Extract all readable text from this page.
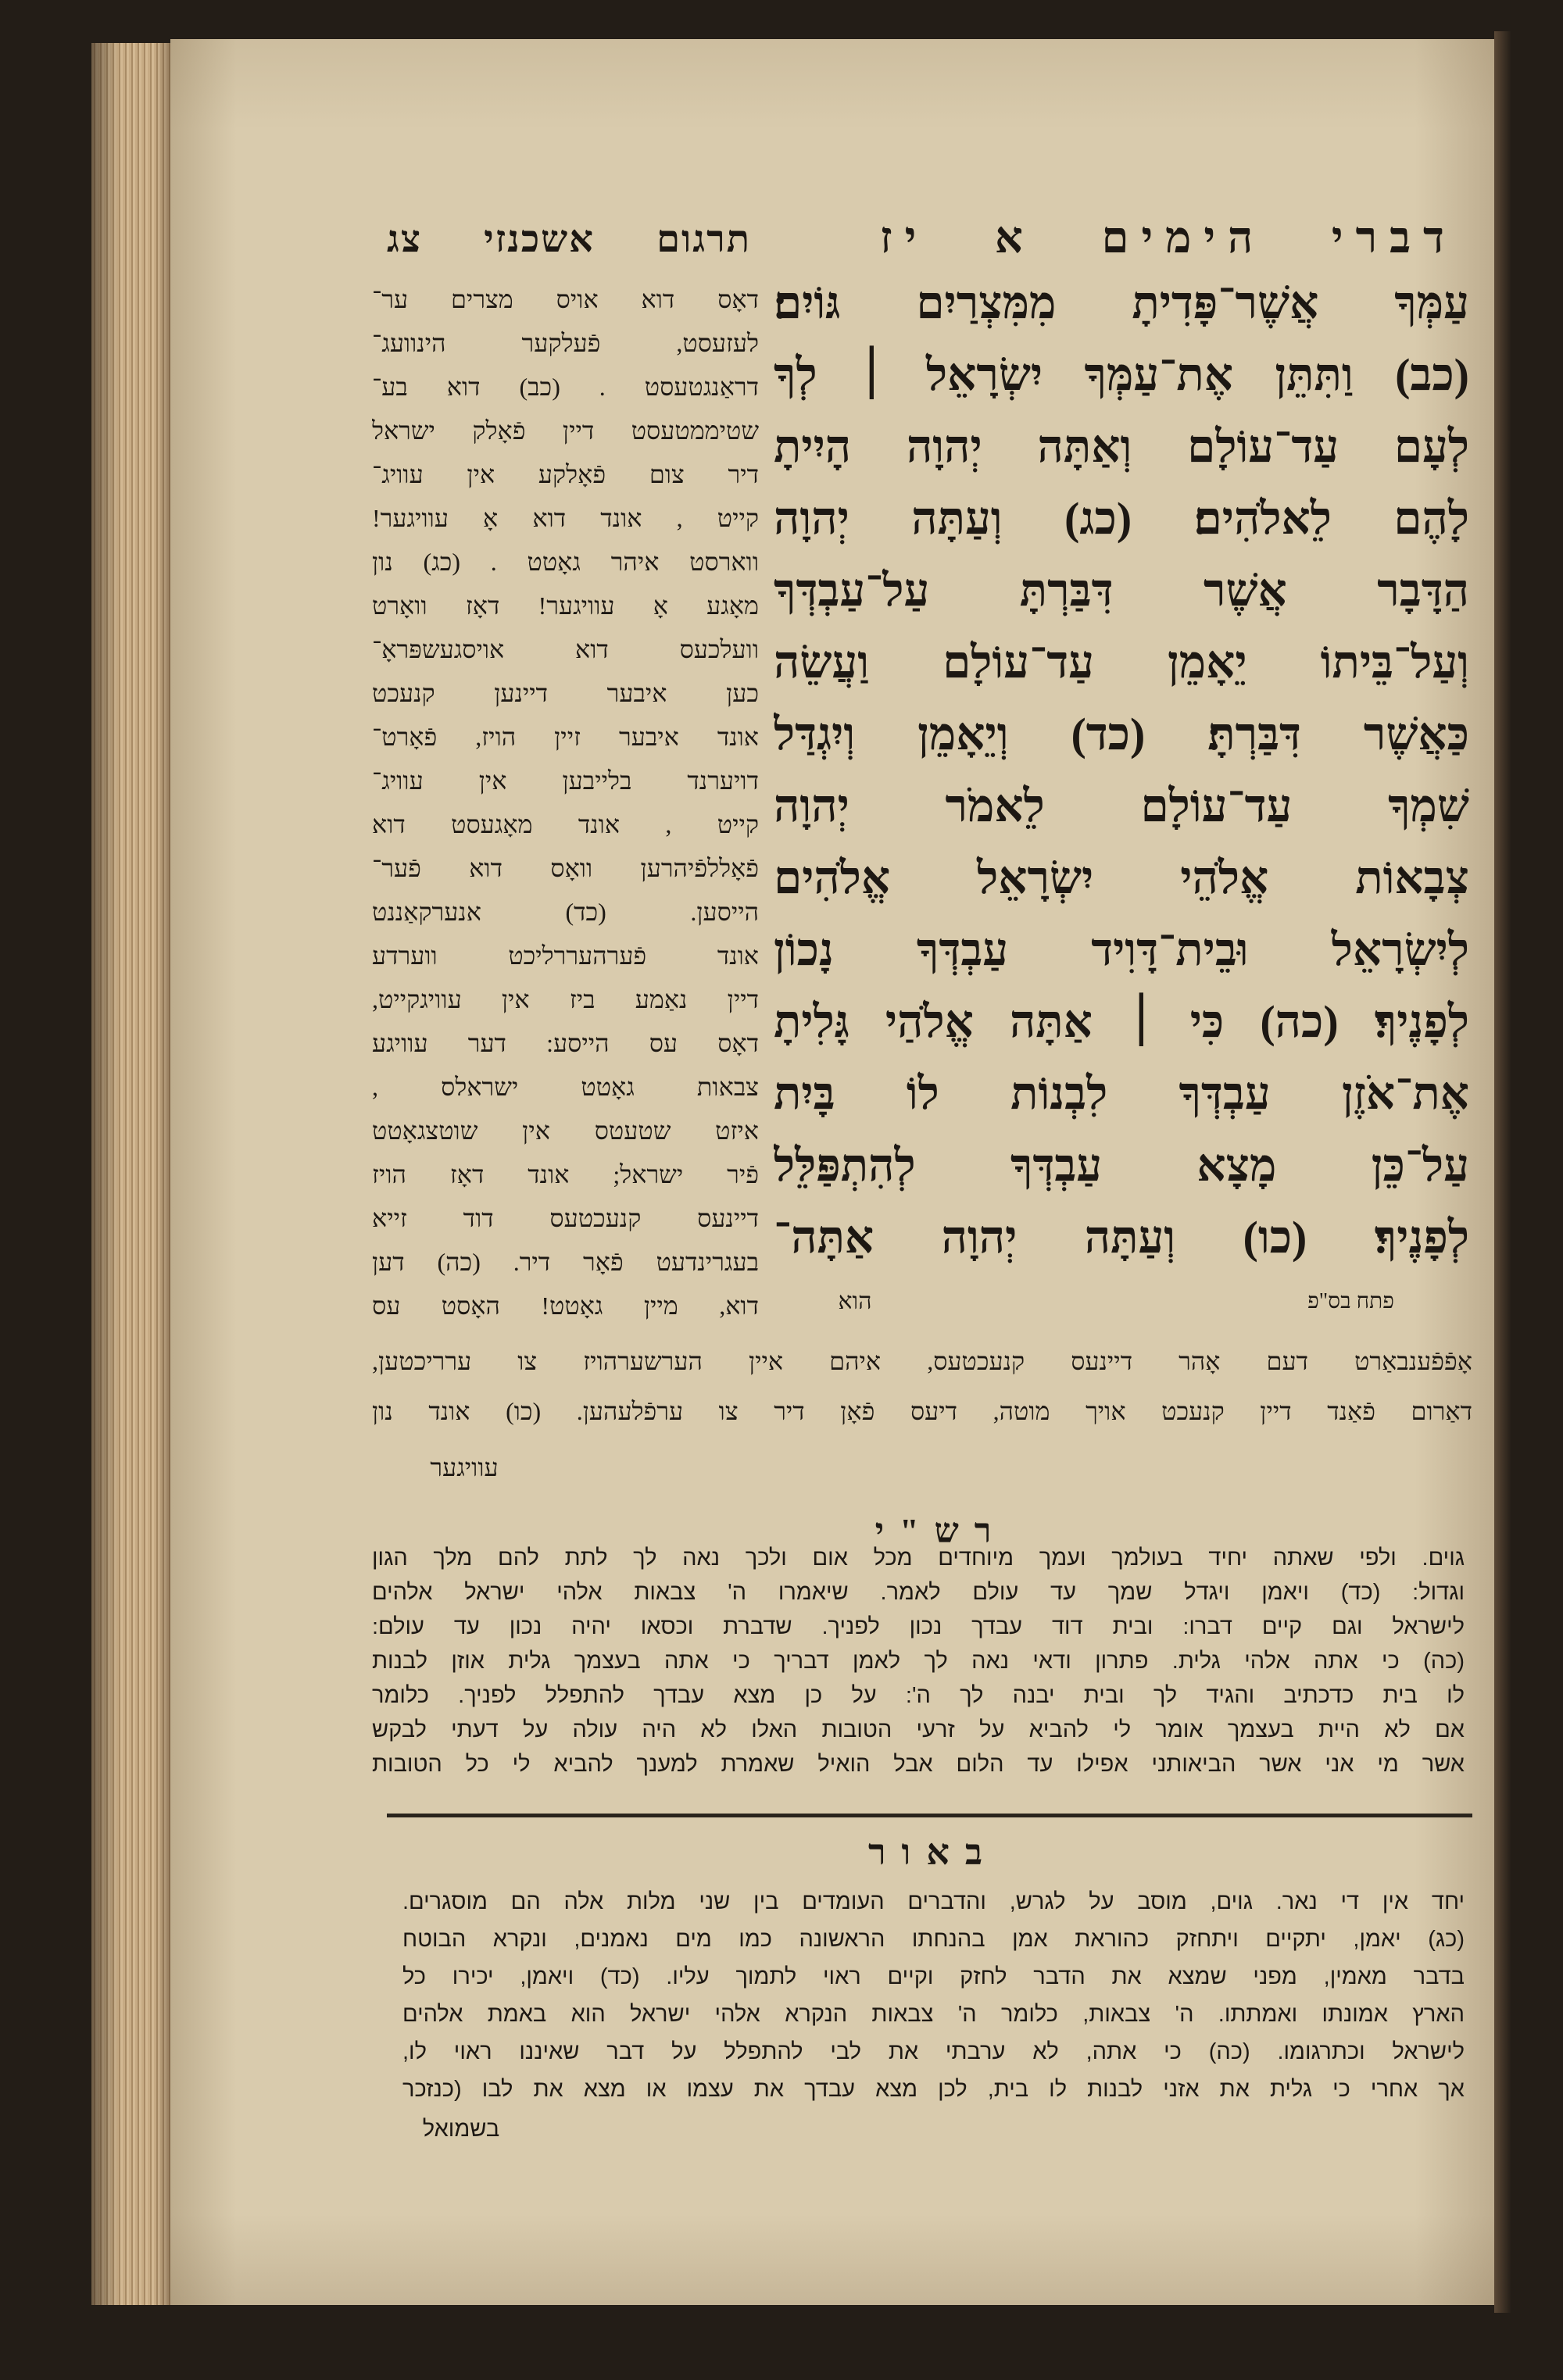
דברי הימים א יז
תרגום אשכנזי צג
עַמְּךָ אֲשֶׁר־פָּדִיתָ מִמִּצְרַיִם גּוֹיִם׃
(כב) וַתִּתֵּן אֶת־עַמְּךָ יִשְׂרָאֵל ׀ לְךָ
לְעָם עַד־עוֹלָם וְאַתָּה יְהוָה הָיִיתָ
לָהֶם לֵאלֹהִים׃ (כג) וְעַתָּה יְהוָה
הַדָּבָר אֲשֶׁר דִּבַּרְתָּ עַל־עַבְדְּךָ
וְעַל־בֵּיתוֹ יֵאָמֵן עַד־עוֹלָם וַעֲשֵׂה
כַּאֲשֶׁר דִּבַּרְתָּ׃ (כד) וְיֵאָמֵן וְיִגְדַּל
שִׁמְךָ עַד־עוֹלָם לֵאמֹר יְהוָה
צְבָאוֹת אֱלֹהֵי יִשְׂרָאֵל אֱלֹהִים
לְיִשְׂרָאֵל וּבֵית־דָּוִיד עַבְדְּךָ נָכוֹן
לְפָנֶיךָ׃ (כה) כִּי ׀ אַתָּה אֱלֹהַי גָּלִיתָ
אֶת־אֹזֶן עַבְדְּךָ לִבְנוֹת לוֹ בָּיִת
עַל־כֵּן מָצָא עַבְדְּךָ לְהִתְפַּלֵּל
לְפָנֶיךָ׃ (כו) וְעַתָּה יְהוָה אַתָּה־
פתח בס"פ
הוא
דאָס דוא אויס מצרים ער־
לעזעסט, פֿעלקער הינוועג־
דראַנגטעסט . (כב) דוא בע־
שטיממטעסט דיין פֿאָלק ישראל
דיר צום פֿאָלקע אין עוויג־
קייט , אונד דוא אָ עוויגער!
ווארסט איהר גאָטט . (כג) נון
מאָגע אָ עוויגער! דאָז וואָרט
וועלכעס דוא אויסגעשפּראָ־
כען איבער דיינען קנעכט
אונד איבער זיין הויז, פֿאָרט־
דויערנד בלייבען אין עוויג־
קייט , אונד מאָגעסט דוא
פֿאָללפֿיהרען וואָס דוא פֿער־
הייסען. (כד) אנערקאַננט
אונד פֿערהעררליכט ווערדע
דיין נאַמע ביז אין עוויגקייט,
דאָס עס הייסע: דער עוויגע
צבאות גאָטט ישראלס ,
איזט שטעטס אין שוטצגאָטט
פֿיר ישראל; אונד דאָז הויז
דיינעס קנעכטעס דוד זייא
בעגרינדעט פֿאָר דיר. (כה) דען
דוא, מיין גאָטט! האָסט עס
אָפֿפֿענבאַרט דעם אָהר דיינעס קנעכטעס, איהם איין הערשערהויז צו ערריכטען,
דאַרום פֿאַנד דיין קנעכט אויך מוטה, דיעס פֿאָן דיר צו ערפֿלעהען. (כו) אונד נון
עוויגער
רש"י
גוים. ולפי שאתה יחיד בעולמך ועמך מיוחדים מכל אום ולכך נאה לך לתת להם מלך הגון
וגדול: (כד) ויאמן ויגדל שמך עד עולם לאמר. שיאמרו ה' צבאות אלהי ישראל אלהים
לישראל וגם קיים דברו: ובית דוד עבדך נכון לפניך. שדברת וכסאו יהיה נכון עד עולם:
(כה) כי אתה אלהי גלית. פתרון ודאי נאה לך לאמן דבריך כי אתה בעצמך גלית אוזן לבנות
לו בית כדכתיב והגיד לך ובית יבנה לך ה': על כן מצא עבדך להתפלל לפניך. כלומר
אם לא היית בעצמך אומר לי להביא על זרעי הטובות האלו לא היה עולה על דעתי לבקש
אשר מי אני אשר הביאותני אפילו עד הלום אבל הואיל שאמרת למענך להביא לי כל הטובות
באור
יחד אין די נאר. גוים, מוסב על לגרש, והדברים העומדים בין שני מלות אלה הם מוסגרים.
(כג) יאמן, יתקיים ויתחזק כהוראת אמן בהנחתו הראשונה כמו מים נאמנים, ונקרא הבוטח
בדבר מאמין, מפני שמצא את הדבר לחזק וקיים ראוי לתמוך עליו. (כד) ויאמן, יכירו כל
הארץ אמונתו ואמתתו. ה' צבאות, כלומר ה' צבאות הנקרא אלהי ישראל הוא באמת אלהים
לישראל וכתרגומו. (כה) כי אתה, לא ערבתי את לבי להתפלל על דבר שאיננו ראוי לו,
אך אחרי כי גלית את אזני לבנות לו בית, לכן מצא עבדך את עצמו או מצא את לבו (כנזכר
בשמואל
